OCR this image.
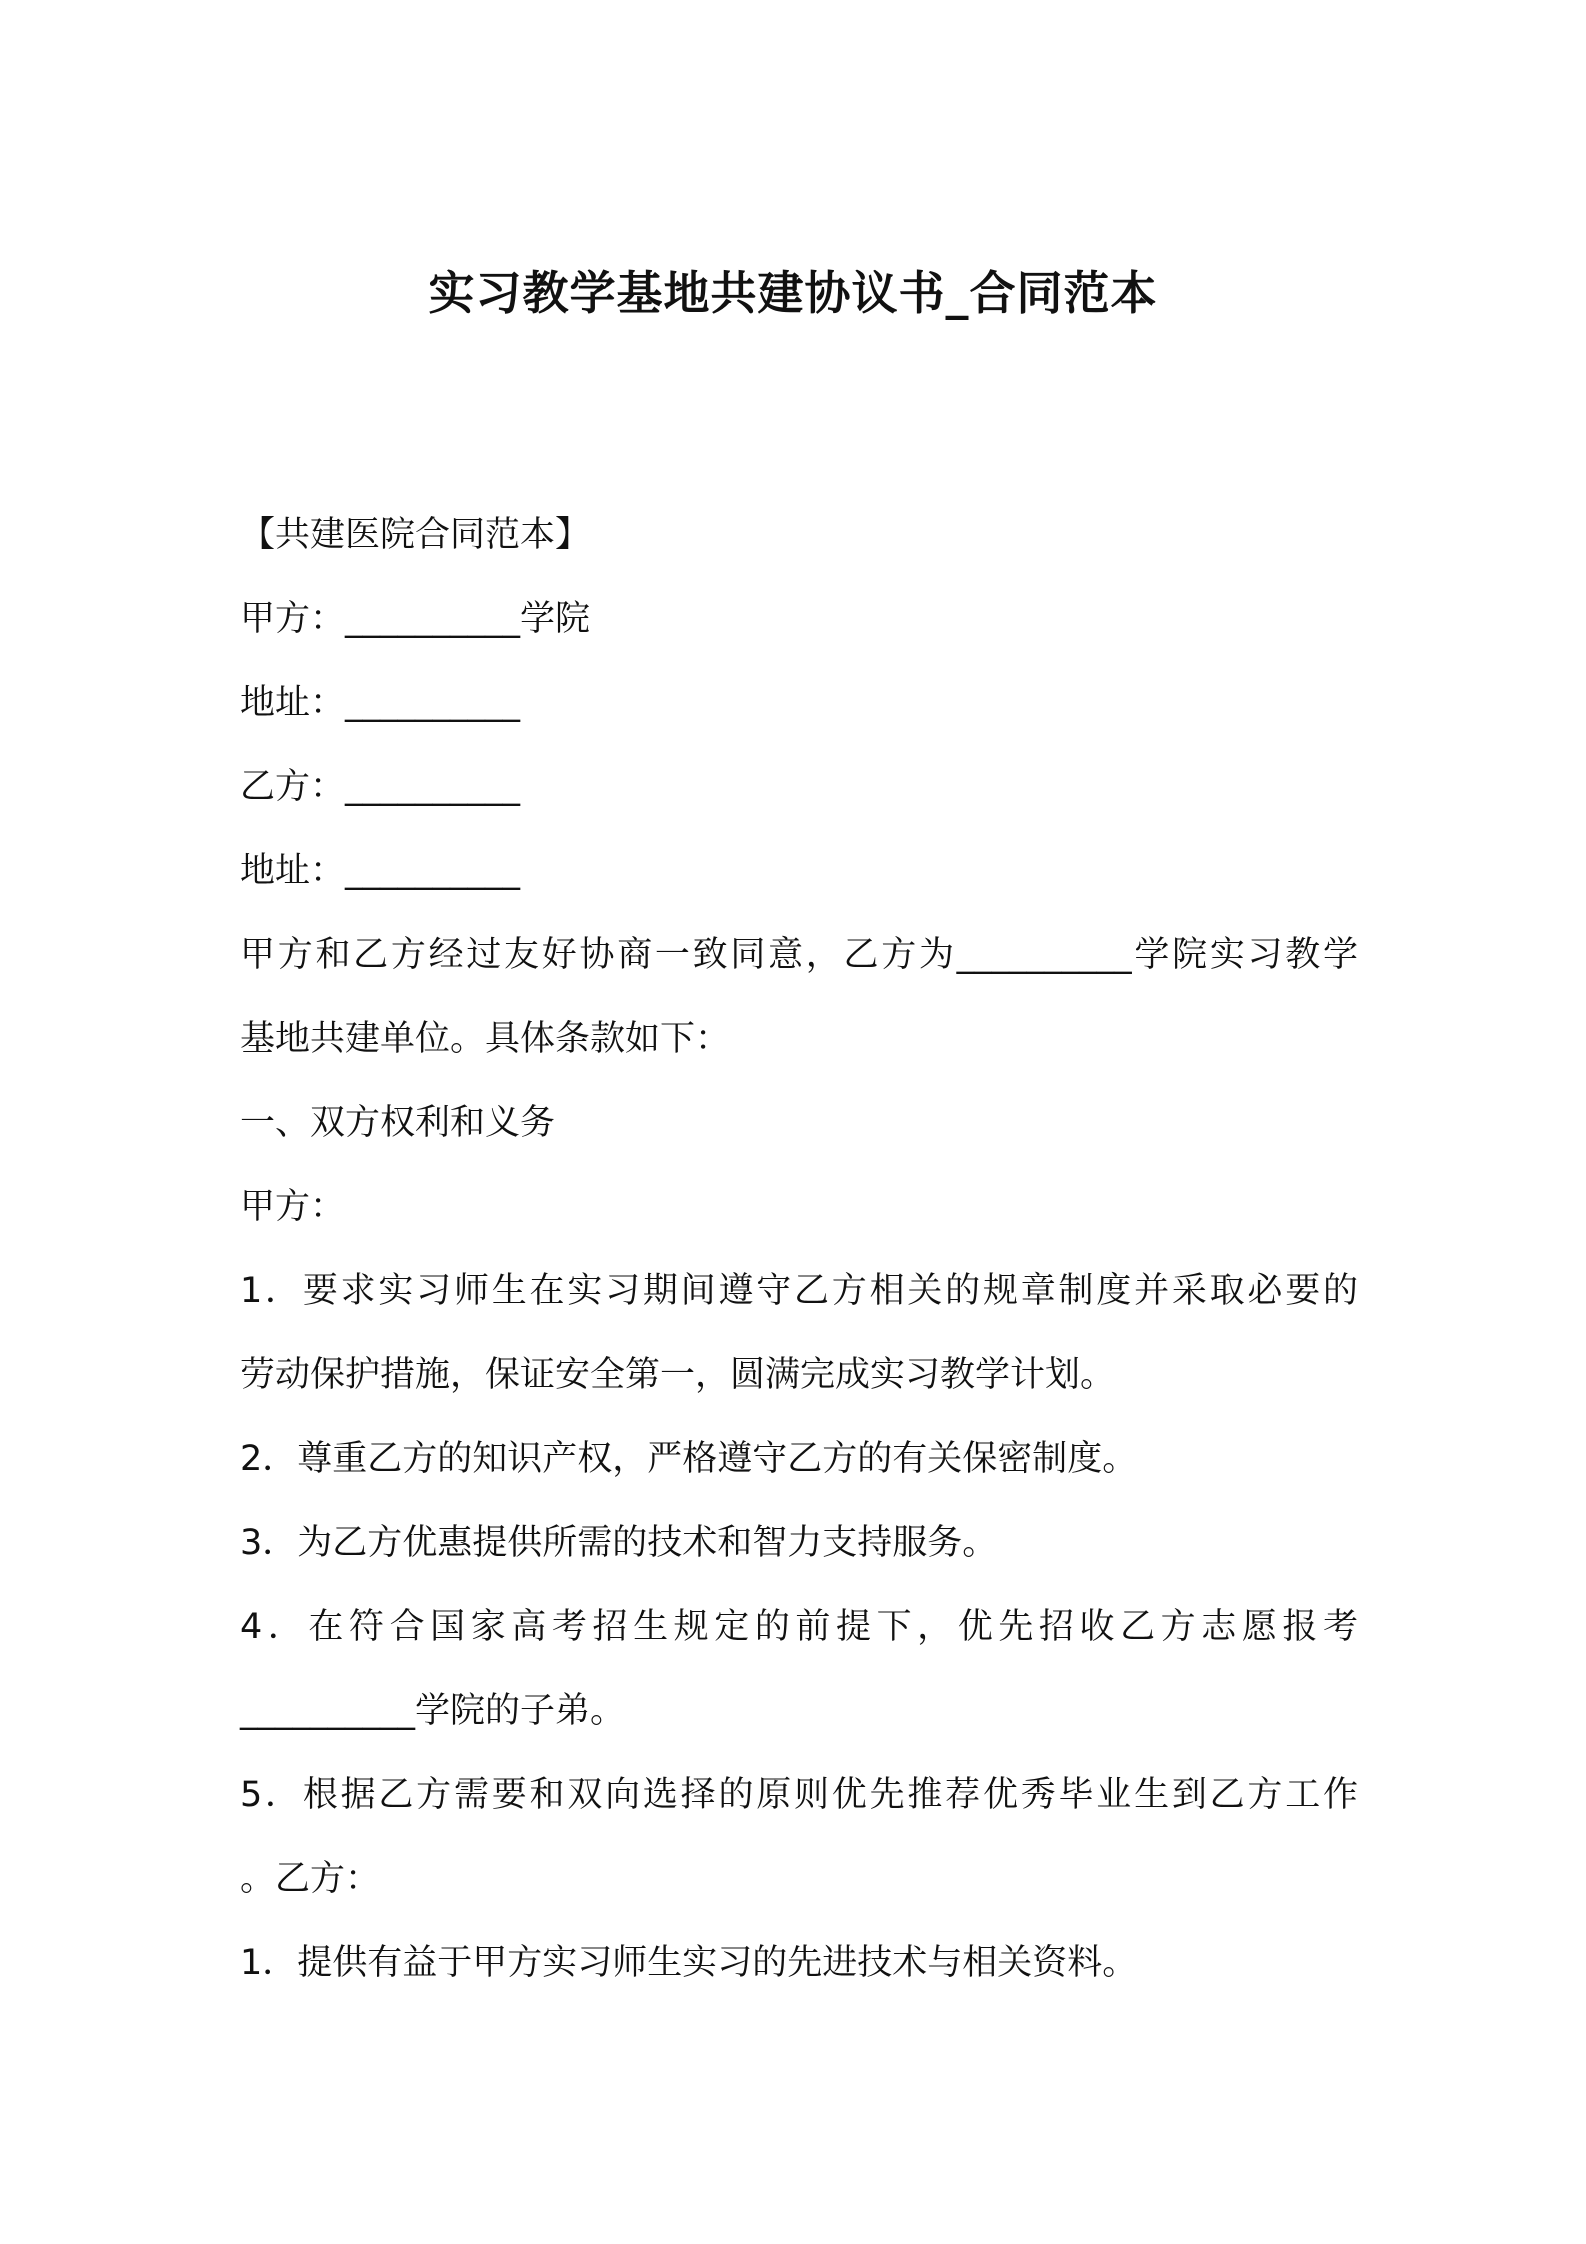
实习教学基地共建协议书_合同范本
【共建医院合同范本】
甲方：__________学院
地址：__________
乙方：__________
地址：__________
甲方和乙方经过友好协商一致同意，乙方为__________学院实习教学
基地共建单位。具体条款如下：
一、双方权利和义务
甲方：
1．要求实习师生在实习期间遵守乙方相关的规章制度并采取必要的
劳动保护措施，保证安全第一，圆满完成实习教学计划。
2．尊重乙方的知识产权，严格遵守乙方的有关保密制度。
3．为乙方优惠提供所需的技术和智力支持服务。
4．在符合国家高考招生规定的前提下，优先招收乙方志愿报考
__________学院的子弟。
5．根据乙方需要和双向选择的原则优先推荐优秀毕业生到乙方工作
。乙方：
1．提供有益于甲方实习师生实习的先进技术与相关资料。
